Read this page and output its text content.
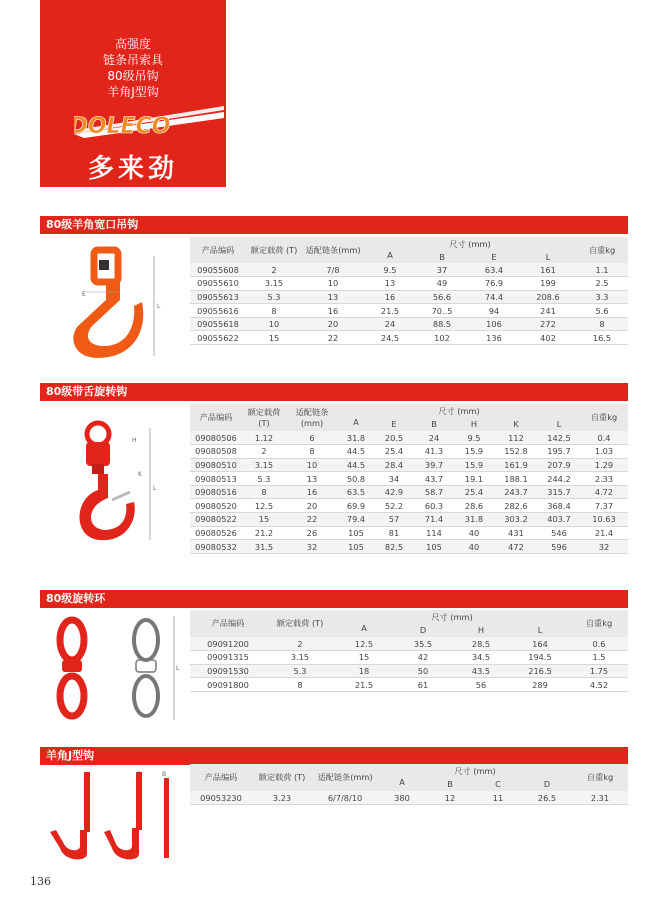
高强度
链条吊索具
80级吊钩
羊角J型钩
DOLECO
多来劲
80级羊角宽口吊钩
E
L
产品编码	额定载荷 (T)	适配链条(mm)	尺寸 (mm)				自重kg
			A	B	E	L	
09055608	2	7/8	9.5	37	63.4	161	1.1
09055610	3.15	10	13	49	76.9	199	2.5
09055613	5.3	13	16	56.6	74.4	208.6	3.3
09055616	8	16	21.5	70..5	94	241	5.6
09055618	10	20	24	88.5	106	272	8
09055622	15	22	24.5	102	136	402	16.5
80级带舌旋转钩
L
K
H
产品编码	额定载荷 (T)	适配链条(mm)	尺寸 (mm)						自重kg
			A	E	B	H	K	L	
09080506	1.12	6	31.8	20.5	24	9.5	112	142.5	0.4
09080508	2	8	44.5	25.4	41.3	15.9	152.8	195.7	1.03
09080510	3.15	10	44.5	28.4	39.7	15.9	161.9	207.9	1.29
09080513	5.3	13	50.8	34	43.7	19.1	188.1	244.2	2.33
09080516	8	16	63.5	42.9	58.7	25.4	243.7	315.7	4.72
09080520	12.5	20	69.9	52.2	60.3	28.6	282.6	368.4	7.37
09080522	15	22	79.4	57	71.4	31.8	303.2	403.7	10.63
09080526	21.2	26	105	81	114	40	431	546	21.4
09080532	31.5	32	105	82.5	105	40	472	596	32
80级旋转环
L
产品编码	额定载荷 (T)	尺寸 (mm)				自重kg
		A	D	H	L	
09091200	2	12.5	35.5	28.5	164	0.6
09091315	3.15	15	42	34.5	194.5	1.5
09091530	5.3	18	50	43.5	216.5	1.75
09091800	8	21.5	61	56	289	4.52
羊角J型钩
C	B	产品编码	额定载荷 (T)	适配链条(mm)	尺寸 (mm)				自重kg
			A	B	C	D	
09053230	3.23	6/7/8/10	380	12	11	26.5	2.31
136
